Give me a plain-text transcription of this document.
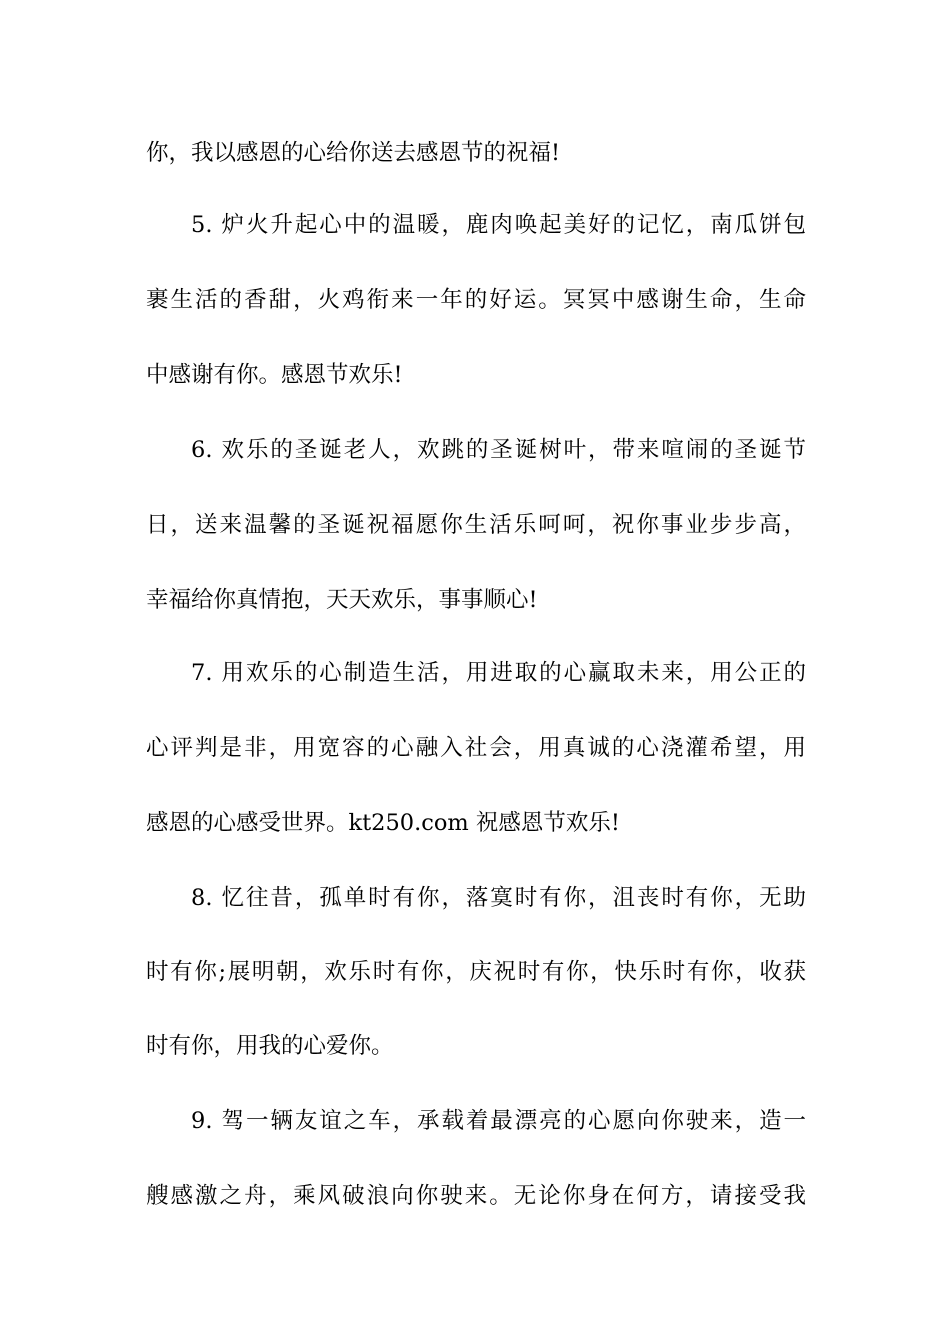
你，我以感恩的心给你送去感恩节的祝福!

5. 炉火升起心中的温暖，鹿肉唤起美好的记忆，南瓜饼包

裹生活的香甜，火鸡衔来一年的好运。冥冥中感谢生命，生命

中感谢有你。感恩节欢乐!

6. 欢乐的圣诞老人，欢跳的圣诞树叶，带来喧闹的圣诞节

日，送来温馨的圣诞祝福愿你生活乐呵呵，祝你事业步步高，

幸福给你真情抱，天天欢乐，事事顺心!

7. 用欢乐的心制造生活，用进取的心赢取未来，用公正的

心评判是非，用宽容的心融入社会，用真诚的心浇灌希望，用

感恩的心感受世界。kt250.com 祝感恩节欢乐!

8. 忆往昔，孤单时有你，落寞时有你，沮丧时有你，无助

时有你;展明朝，欢乐时有你，庆祝时有你，快乐时有你，收获

时有你，用我的心爱你。

9. 驾一辆友谊之车，承载着最漂亮的心愿向你驶来，造一

艘感激之舟，乘风破浪向你驶来。无论你身在何方，请接受我
